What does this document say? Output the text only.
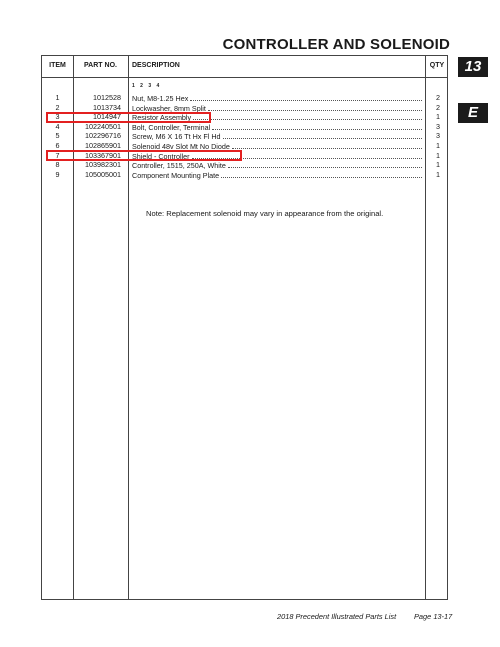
CONTROLLER AND SOLENOID
13
E
ITEM	PART NO.	DESCRIPTION	QTY
1 2 3 4
1	1012528 Nut, M8-1.25 Hex	2
2	1013734 Lockwasher, 8mm Split	2
3	1014947 Resistor Assembly	1
4	102240501 Bolt, Controller, Terminal	3
5	102296716 Screw, M6 X 16 Tt Hx Fl Hd	3
6	102865901 Solenoid 48v Slot Mt No Diode	1
7	103367901 Shield - Controller	1
8	103982301 Controller, 1515, 250A, White	1
9	105005001 Component Mounting Plate	1
Note: Replacement solenoid may vary in appearance from the original.
2018 Precedent Illustrated Parts List Page 13-17
